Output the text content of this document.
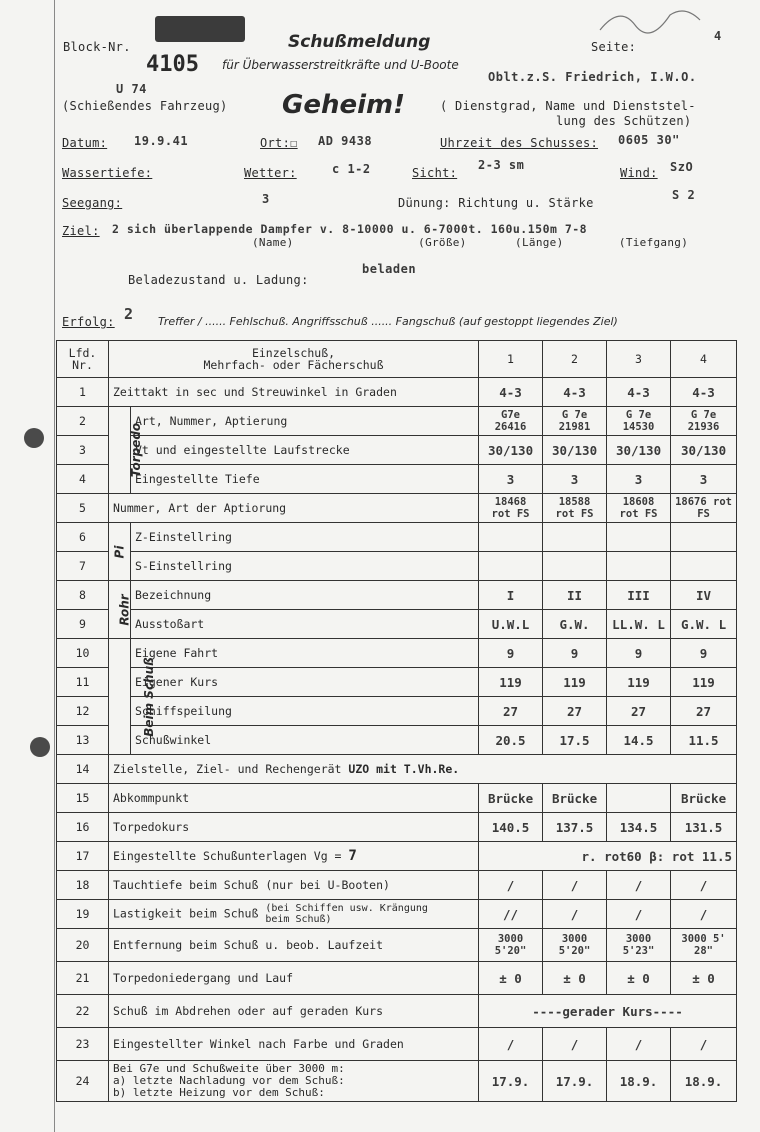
Block-Nr.
4105
Schußmeldung
für Überwasserstreitkräfte und U-Boote
Seite:
4
U 74
(Schießendes Fahrzeug) Geheim!
Oblt.z.S. Friedrich, I.W.O.
( Dienstgrad, Name und Dienststel-
lung des Schützen)
Datum: 19.9.41	Ort:☐ AD 9438	Uhrzeit des Schusses: 0605 30"
Wassertiefe:	Wetter:	c 1-2	Sicht:
2-3 sm
Wind: SzO
Seegang:	3	Dünung: Richtung u. Stärke
S 2
Ziel: 2 sich überlappende Dampfer v. 8-10000 u. 6-7000t. 160u.150m 7-8
(Name)                  (Größe)       (Länge)        (Tiefgang)
Beladezustand u. Ladung:
beladen
Erfolg: 2 Treffer / ...... Fehlschuß. Angriffsschuß ...... Fangschuß (auf gestoppt liegendes Ziel)
Lfd. Nr.	Einzelschuß,
Mehrfach- oder Fächerschuß		1	2	3	4
1	Zeittakt in sec und Streuwinkel in Graden		4-3	4-3	4-3	4-3
2	Torpedo	Art, Nummer, Aptierung	G7e 26416	G 7e 21981	G 7e 14530	G 7e 21936
3		Vt und eingestellte Laufstrecke	30/130	30/130	30/130	30/130
4		Eingestellte Tiefe	3	3	3	3
5	Nummer, Art der Aptiorung		18468 rot FS	18588 rot FS	18608 rot FS	18676 rot FS
6	Pi	Z-Einstellring				
7		S-Einstellring				
8	Rohr	Bezeichnung	I	II	III	IV
9		Ausstoßart	U.W.L	G.W.	LL.W. L	G.W. L
10	Beim Schuß	Eigene Fahrt	9	9	9	9
11		Eigener Kurs	119	119	119	119
12		Schiffspeilung	27	27	27	27
13		Schußwinkel	20.5	17.5	14.5	11.5
14	Zielstelle, Ziel- und Rechengerät UZO mit T.Vh.Re.					
15	Abkommpunkt		Brücke	Brücke		Brücke
16	Torpedokurs		140.5	137.5	134.5	131.5
17	Eingestellte Schußunterlagen Vg = 7		r. rot60 β: rot 11.5			
18	Tauchtiefe beim Schuß (nur bei U-Booten)		/	/	/	/
19	Lastigkeit beim Schuß (bei Schiffen usw. Krängung beim Schuß)		//	/	/	/
20	Entfernung beim Schuß u. beob. Laufzeit		3000 5'20"	3000 5'20"	3000 5'23"	3000 5' 28"
21	Torpedoniedergang und Lauf		± 0	± 0	± 0	± 0
22	Schuß im Abdrehen oder auf geraden Kurs		----gerader Kurs----			
23	Eingestellter Winkel nach Farbe und Graden		/	/	/	/
24	Bei G7e und Schußweite über 3000 m:
a) letzte Nachladung vor dem Schuß:
b) letzte Heizung vor dem Schuß:		17.9.	17.9.	18.9.	18.9.
